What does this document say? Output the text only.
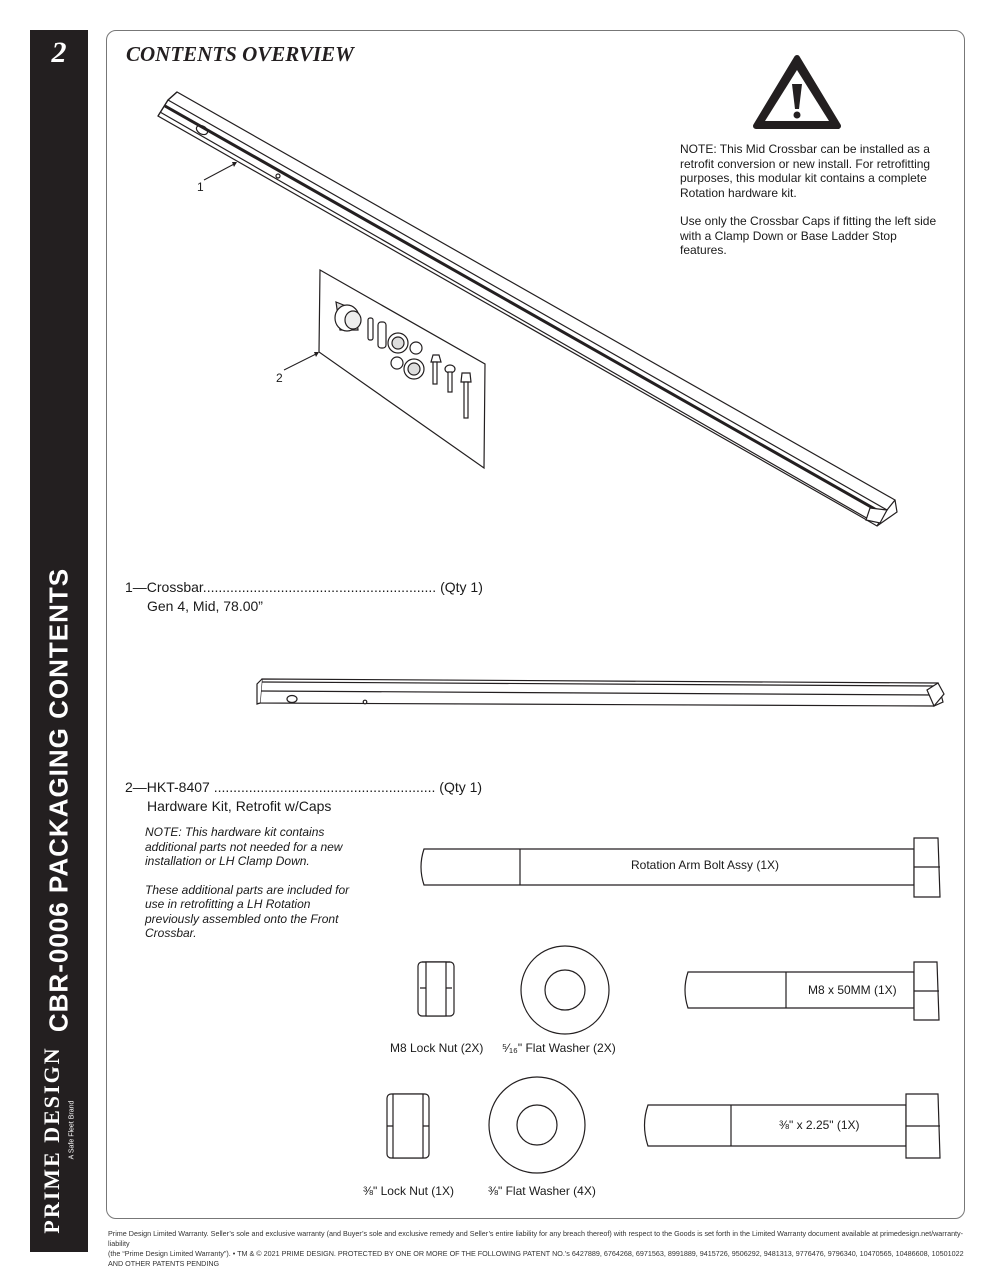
2
CBR-0006 PACKAGING CONTENTS
PRIME DESIGN A Safe Fleet Brand
CONTENTS OVERVIEW

NOTE: This Mid Crossbar can be installed as a retrofit conversion or new install. For retrofitting purposes, this modular kit contains a complete Rotation hardware kit.

Use only the Crossbar Caps if fitting the left side with a Clamp Down or Base Ladder Stop features.

1
2
1—Crossbar............................................................ (Qty 1)
Gen 4, Mid, 78.00”
2—HKT-8407 ......................................................... (Qty 1)
Hardware Kit, Retrofit w/Caps

NOTE: This hardware kit contains additional parts not needed for a new installation or LH Clamp Down.

These additional parts are included for use in retrofitting a LH Rotation previously assembled onto the Front Crossbar.

Rotation Arm Bolt Assy (1X)
M8 x 50MM (1X)
M8 Lock Nut (2X) ⁵⁄₁₆" Flat Washer (2X)
⅜" x 2.25" (1X)
⅜" Lock Nut (1X)	⅜" Flat Washer (4X)
Prime Design Limited Warranty. Seller’s sole and exclusive warranty (and Buyer’s sole and exclusive remedy and Seller’s entire liability for any breach thereof) with respect to the Goods is set forth in the Limited Warranty document available at primedesign.net/warranty-liability
(the “Prime Design Limited Warranty”). • TM & © 2021 PRIME DESIGN. PROTECTED BY ONE OR MORE OF THE FOLLOWING PATENT NO.’s 6427889, 6764268, 6971563, 8991889, 9415726, 9506292, 9481313, 9776476, 9796340, 10470565, 10486608, 10501022 AND OTHER PATENTS PENDING
